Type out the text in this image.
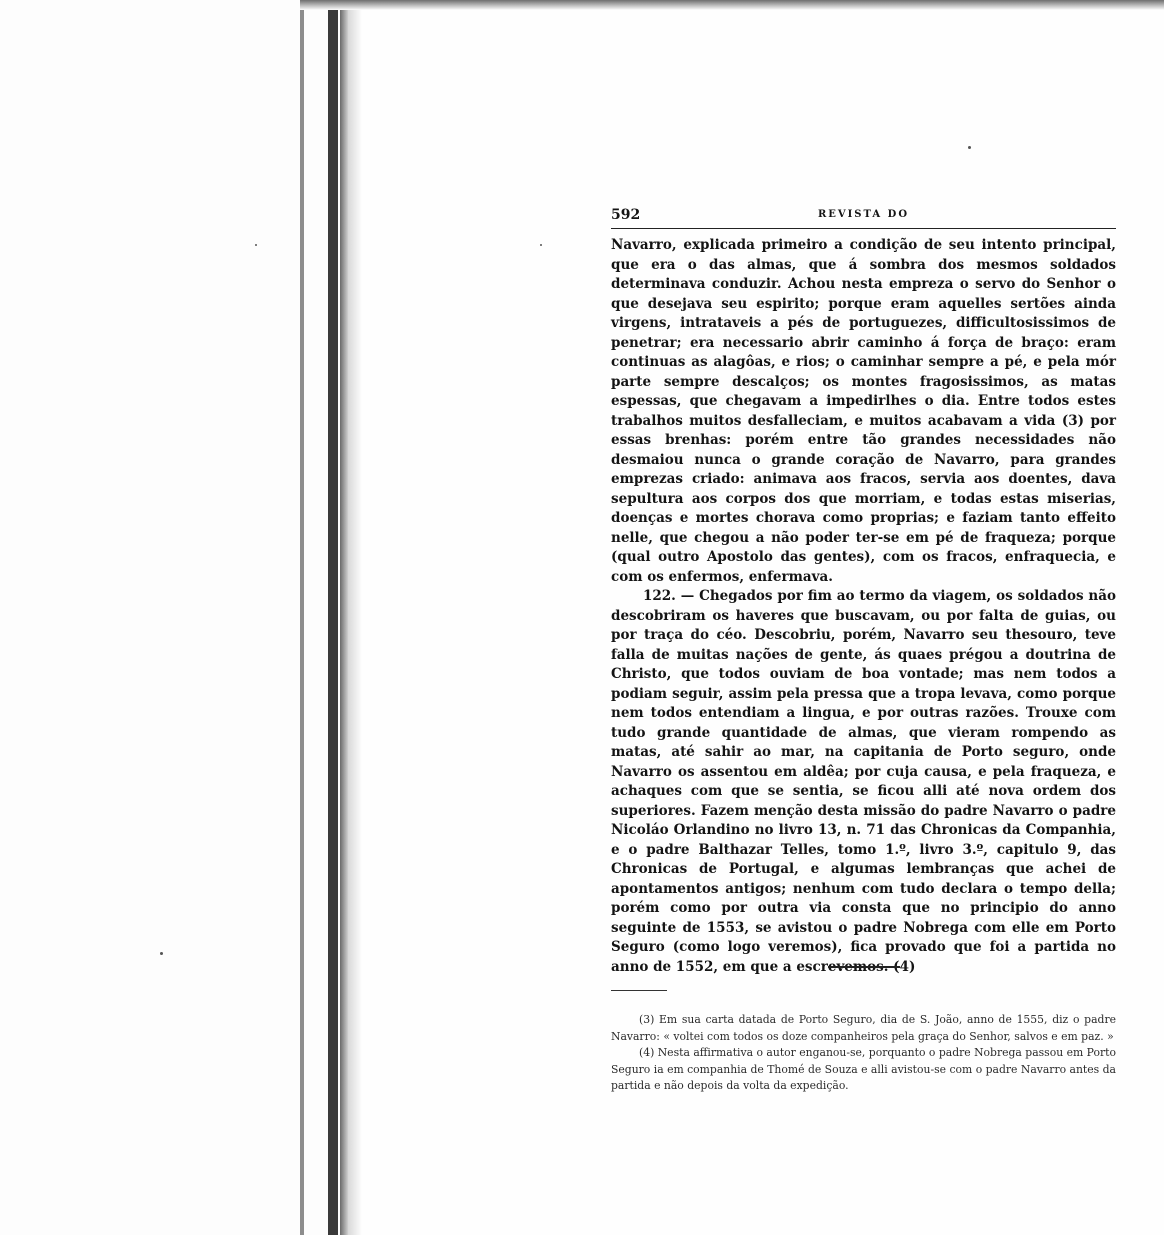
592	REVISTA DO

Navarro, explicada primeiro a condição de seu intento principal, que era o das almas, que á sombra dos mesmos soldados determinava conduzir. Achou nesta empreza o servo do Senhor o que desejava seu espirito; porque eram aquelles sertões ainda virgens, intrataveis a pés de portuguezes, difficultosissimos de penetrar; era necessario abrir caminho á força de braço: eram continuas as alagôas, e rios; o caminhar sempre a pé, e pela mór parte sempre descalços; os montes fragosissimos, as matas espessas, que chegavam a impedirlhes o dia. Entre todos estes trabalhos muitos desfalleciam, e muitos acabavam a vida (3) por essas brenhas: porém entre tão grandes necessidades não desmaiou nunca o grande coração de Navarro, para grandes emprezas criado: animava aos fracos, servia aos doentes, dava sepultura aos corpos dos que morriam, e todas estas miserias, doenças e mortes chorava como proprias; e faziam tanto effeito nelle, que chegou a não poder ter-se em pé de fraqueza; porque (qual outro Apostolo das gentes), com os fracos, enfraquecia, e com os enfermos, enfermava.

122. — Chegados por fim ao termo da viagem, os soldados não descobriram os haveres que buscavam, ou por falta de guias, ou por traça do céo. Descobriu, porém, Navarro seu thesouro, teve falla de muitas nações de gente, ás quaes prégou a doutrina de Christo, que todos ouviam de boa vontade; mas nem todos a podiam seguir, assim pela pressa que a tropa levava, como porque nem todos entendiam a lingua, e por outras razões. Trouxe com tudo grande quantidade de almas, que vieram rompendo as matas, até sahir ao mar, na capitania de Porto seguro, onde Navarro os assentou em aldêa; por cuja causa, e pela fraqueza, e achaques com que se sentia, se ficou alli até nova ordem dos superiores. Fazem menção desta missão do padre Navarro o padre Nicoláo Orlandino no livro 13, n. 71 das Chronicas da Companhia, e o padre Balthazar Telles, tomo 1.º, livro 3.º, capitulo 9, das Chronicas de Portugal, e algumas lembranças que achei de apontamentos antigos; nenhum com tudo declara o tempo della; porém como por outra via consta que no principio do anno seguinte de 1553, se avistou o padre Nobrega com elle em Porto Seguro (como logo veremos), fica provado que foi a partida no anno de 1552, em que a escrevemos. (4)

(3) Em sua carta datada de Porto Seguro, dia de S. João, anno de 1555, diz o padre Navarro: « voltei com todos os doze companheiros pela graça do Senhor, salvos e em paz. »

(4) Nesta affirmativa o autor enganou-se, porquanto o padre Nobrega passou em Porto Seguro ia em companhia de Thomé de Souza e alli avistou-se com o padre Navarro antes da partida e não depois da volta da expedição.
